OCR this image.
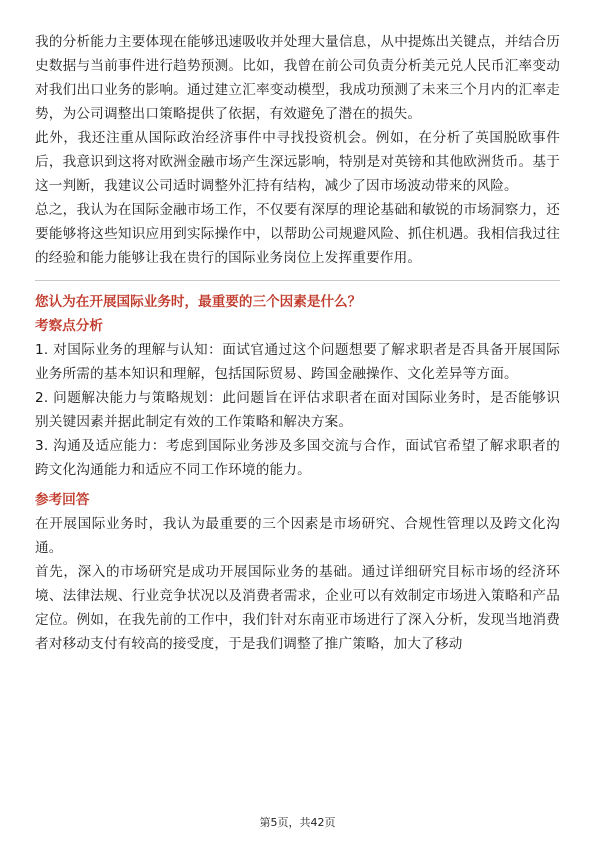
我的分析能力主要体现在能够迅速吸收并处理大量信息，从中提炼出关键点，并结合历史数据与当前事件进行趋势预测。比如，我曾在前公司负责分析美元兑人民币汇率变动对我们出口业务的影响。通过建立汇率变动模型，我成功预测了未来三个月内的汇率走势，为公司调整出口策略提供了依据，有效避免了潜在的损失。

此外，我还注重从国际政治经济事件中寻找投资机会。例如，在分析了英国脱欧事件后，我意识到这将对欧洲金融市场产生深远影响，特别是对英镑和其他欧洲货币。基于这一判断，我建议公司适时调整外汇持有结构，减少了因市场波动带来的风险。

总之，我认为在国际金融市场工作，不仅要有深厚的理论基础和敏锐的市场洞察力，还要能够将这些知识应用到实际操作中，以帮助公司规避风险、抓住机遇。我相信我过往的经验和能力能够让我在贵行的国际业务岗位上发挥重要作用。

您认为在开展国际业务时，最重要的三个因素是什么？

考察点分析

1. 对国际业务的理解与认知：面试官通过这个问题想要了解求职者是否具备开展国际业务所需的基本知识和理解，包括国际贸易、跨国金融操作、文化差异等方面。

2. 问题解决能力与策略规划：此问题旨在评估求职者在面对国际业务时，是否能够识别关键因素并据此制定有效的工作策略和解决方案。

3. 沟通及适应能力：考虑到国际业务涉及多国交流与合作，面试官希望了解求职者的跨文化沟通能力和适应不同工作环境的能力。

参考回答

在开展国际业务时，我认为最重要的三个因素是市场研究、合规性管理以及跨文化沟通。

首先，深入的市场研究是成功开展国际业务的基础。通过详细研究目标市场的经济环境、法律法规、行业竞争状况以及消费者需求，企业可以有效制定市场进入策略和产品定位。例如，在我先前的工作中，我们针对东南亚市场进行了深入分析，发现当地消费者对移动支付有较高的接受度，于是我们调整了推广策略，加大了移动

第5页，共42页
